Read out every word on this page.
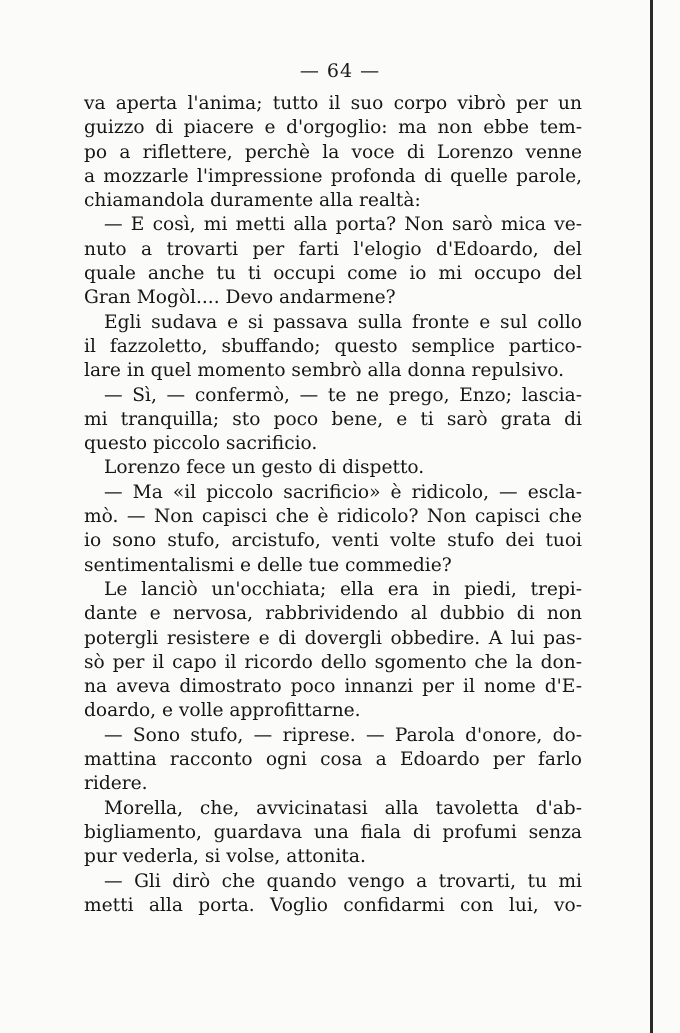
— 64 —
va aperta l'anima; tutto il suo corpo vibrò per un
guizzo di piacere e d'orgoglio: ma non ebbe tem-
po a riflettere, perchè la voce di Lorenzo venne
a mozzarle l'impressione profonda di quelle parole,
chiamandola duramente alla realtà:
— E così, mi metti alla porta? Non sarò mica ve-
nuto a trovarti per farti l'elogio d'Edoardo, del
quale anche tu ti occupi come io mi occupo del
Gran Mogòl.... Devo andarmene?
Egli sudava e si passava sulla fronte e sul collo
il fazzoletto, sbuffando; questo semplice partico-
lare in quel momento sembrò alla donna repulsivo.
— Sì, — confermò, — te ne prego, Enzo; lascia-
mi tranquilla; sto poco bene, e ti sarò grata di
questo piccolo sacrificio.
Lorenzo fece un gesto di dispetto.
— Ma «il piccolo sacrificio» è ridicolo, — escla-
mò. — Non capisci che è ridicolo? Non capisci che
io sono stufo, arcistufo, venti volte stufo dei tuoi
sentimentalismi e delle tue commedie?
Le lanciò un'occhiata; ella era in piedi, trepi-
dante e nervosa, rabbrividendo al dubbio di non
potergli resistere e di dovergli obbedire. A lui pas-
sò per il capo il ricordo dello sgomento che la don-
na aveva dimostrato poco innanzi per il nome d'E-
doardo, e volle approfittarne.
— Sono stufo, — riprese. — Parola d'onore, do-
mattina racconto ogni cosa a Edoardo per farlo
ridere.
Morella, che, avvicinatasi alla tavoletta d'ab-
bigliamento, guardava una fiala di profumi senza
pur vederla, si volse, attonita.
— Gli dirò che quando vengo a trovarti, tu mi
metti alla porta. Voglio confidarmi con lui, vo-
